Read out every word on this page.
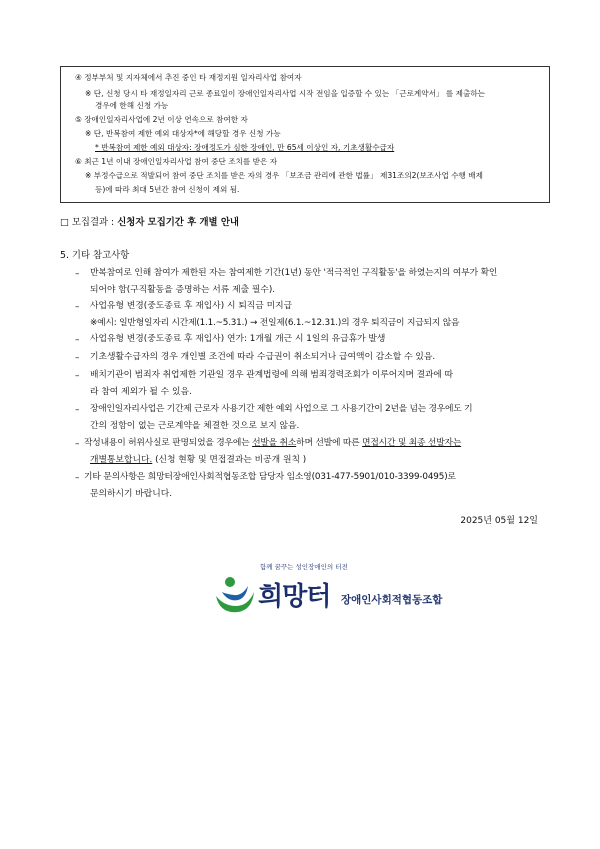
④ 정부부처 및 지자체에서 추진 중인 타 재정지원 일자리사업 참여자
※ 단, 신청 당시 타 재정일자리 근로 종료일이 장애인일자리사업 시작 전임을 입증할 수 있는 「근로계약서」 를 제출하는
경우에 한해 신청 가능
⑤ 장애인일자리사업에 2년 이상 연속으로 참여한 자
※ 단, 반복참여 제한 예외 대상자*에 해당할 경우 신청 가능
* 반복참여 제한 예외 대상자: 장애정도가 심한 장애인, 만 65세 이상인 자, 기초생활수급자
⑥ 최근 1년 이내 장애인일자리사업 참여 중단 조치를 받은 자
※ 부정수급으로 적발되어 참여 중단 조치를 받은 자의 경우 「보조금 관리에 관한 법률」 제31조의2(보조사업 수행 배제
등)에 따라 최대 5년간 참여 신청이 제외 됨.
□ 모집결과 : 신청자 모집기간 후 개별 안내
5. 기타 참고사항
– 반복참여로 인해 참여가 제한된 자는 참여제한 기간(1년) 동안 '적극적인 구직활동'을 하였는지의 여부가 확인
되어야 함(구직활동을 증명하는 서류 제출 필수).
– 사업유형 변경(중도종료 후 재입사) 시 퇴직금 미지급
※예시: 일반형일자리 시간제(1.1.~5.31.) → 전일제(6.1.~12.31.)의 경우 퇴직금이 지급되지 않음
– 사업유형 변경(중도종료 후 재입사) 연가: 1개월 개근 시 1일의 유급휴가 발생
– 기초생활수급자의 경우 개인별 조건에 따라 수급권이 취소되거나 급여액이 감소할 수 있음.
– 배치기관이 범죄자 취업제한 기관일 경우 관계법령에 의해 범죄경력조회가 이루어지며 결과에 따
라 참여 제외가 될 수 있음.
– 장애인일자리사업은 기간제 근로자 사용기간 제한 예외 사업으로 그 사용기간이 2년을 넘는 경우에도 기
간의 정함이 없는 근로계약을 체결한 것으로 보지 않음.
– 작성내용이 허위사실로 판명되었을 경우에는 선발을 취소하며 선발에 따른 면접시간 및 최종 선발자는
개별통보합니다. (신청 현황 및 면접결과는 비공개 원칙 )
– 기타 문의사항은 희망터장애인사회적협동조합 담당자 임소영(031-477-5901/010-3399-0495)로
문의하시기 바랍니다.
2025년 05월 12일
함께 꿈꾸는 성인장애인의 터전
희망터 장애인사회적협동조합
